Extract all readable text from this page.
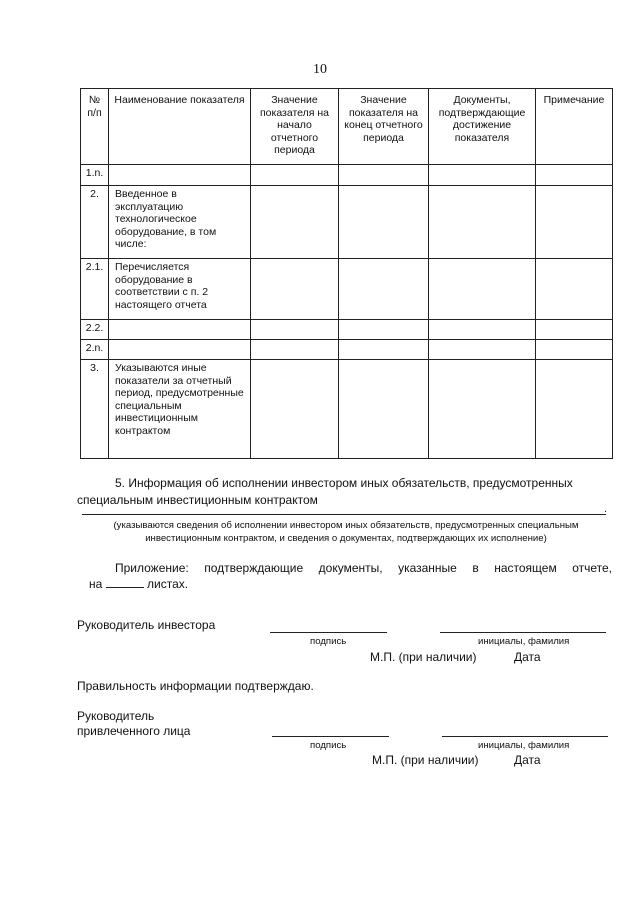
10
№ п/п	Наименование показателя	Значение показателя на начало отчетного периода	Значение показателя на конец отчетного периода	Документы, подтверждающие достижение показателя	Примечание
1.n.					
2.	Введенное в эксплуатацию технологическое оборудование, в том числе:				
2.1.	Перечисляется оборудование в соответствии с п. 2 настоящего отчета				
2.2.					
2.n.					
3.	Указываются иные показатели за отчетный период, предусмотренные специальным инвестиционным контрактом				
5. Информация об исполнении инвестором иных обязательств, предусмотренных специальным инвестиционным контрактом
.
(указываются сведения об исполнении инвестором иных обязательств, предусмотренных специальным
инвестиционным контрактом, и сведения о документах, подтверждающих их исполнение)
Приложение: подтверждающие документы, указанные в настоящем отчете,
на	листах.
Руководитель инвестора
подпись	инициалы, фамилия
М.П. (при наличии)	Дата
Правильность информации подтверждаю.
Руководитель
привлеченного лица
подпись	инициалы, фамилия
М.П. (при наличии)	Дата
